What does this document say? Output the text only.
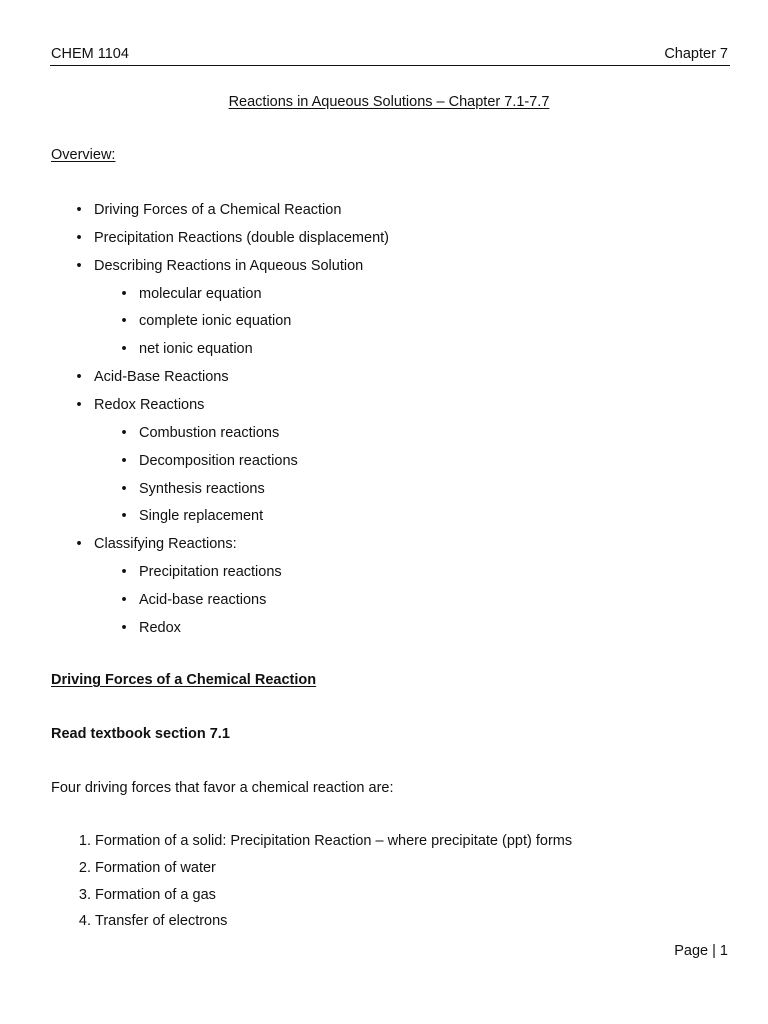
CHEM 1104	Chapter 7
Reactions in Aqueous Solutions – Chapter 7.1-7.7
Overview:
• Driving Forces of a Chemical Reaction
• Precipitation Reactions (double displacement)
• Describing Reactions in Aqueous Solution
• molecular equation
• complete ionic equation
• net ionic equation
• Acid-Base Reactions
• Redox Reactions
• Combustion reactions
• Decomposition reactions
• Synthesis reactions
• Single replacement
• Classifying Reactions:
• Precipitation reactions
• Acid-base reactions
• Redox
Driving Forces of a Chemical Reaction
Read textbook section 7.1
Four driving forces that favor a chemical reaction are:
1. Formation of a solid: Precipitation Reaction – where precipitate (ppt) forms
2. Formation of water
3. Formation of a gas
4. Transfer of electrons
Page | 1
